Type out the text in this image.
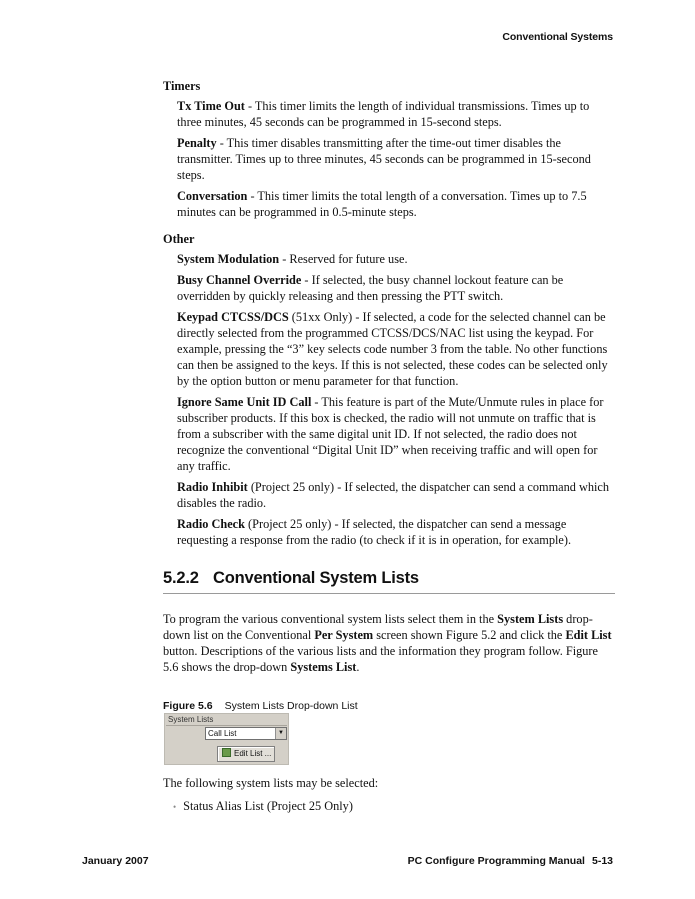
Conventional Systems
Timers
Tx Time Out - This timer limits the length of individual transmissions. Times up to three minutes, 45 seconds can be programmed in 15-second steps.
Penalty - This timer disables transmitting after the time-out timer disables the transmitter. Times up to three minutes, 45 seconds can be programmed in 15-second steps.
Conversation - This timer limits the total length of a conversation. Times up to 7.5 minutes can be programmed in 0.5-minute steps.
Other
System Modulation - Reserved for future use.
Busy Channel Override - If selected, the busy channel lockout feature can be overridden by quickly releasing and then pressing the PTT switch.
Keypad CTCSS/DCS (51xx Only) - If selected, a code for the selected channel can be directly selected from the programmed CTCSS/DCS/NAC list using the keypad. For example, pressing the “3” key selects code number 3 from the table. No other functions can then be assigned to the keys. If this is not selected, these codes can be selected only by the option button or menu parameter for that function.
Ignore Same Unit ID Call - This feature is part of the Mute/Unmute rules in place for subscriber products. If this box is checked, the radio will not unmute on traffic that is from a subscriber with the same digital unit ID. If not selected, the radio does not recognize the conventional “Digital Unit ID” when receiving traffic and will open for any traffic.
Radio Inhibit (Project 25 only) - If selected, the dispatcher can send a command which disables the radio.
Radio Check (Project 25 only) - If selected, the dispatcher can send a message requesting a response from the radio (to check if it is in operation, for example).
5.2.2 Conventional System Lists
To program the various conventional system lists select them in the System Lists drop-down list on the Conventional Per System screen shown Figure 5.2 and click the Edit List button. Descriptions of the various lists and the information they program follow. Figure 5.6 shows the drop-down Systems List.
Figure 5.6 System Lists Drop-down List
System Lists
Call List	▼
Edit List ...
The following system lists may be selected:
• Status Alias List (Project 25 Only)
January 2007	PC Configure Programming Manual 5-13
